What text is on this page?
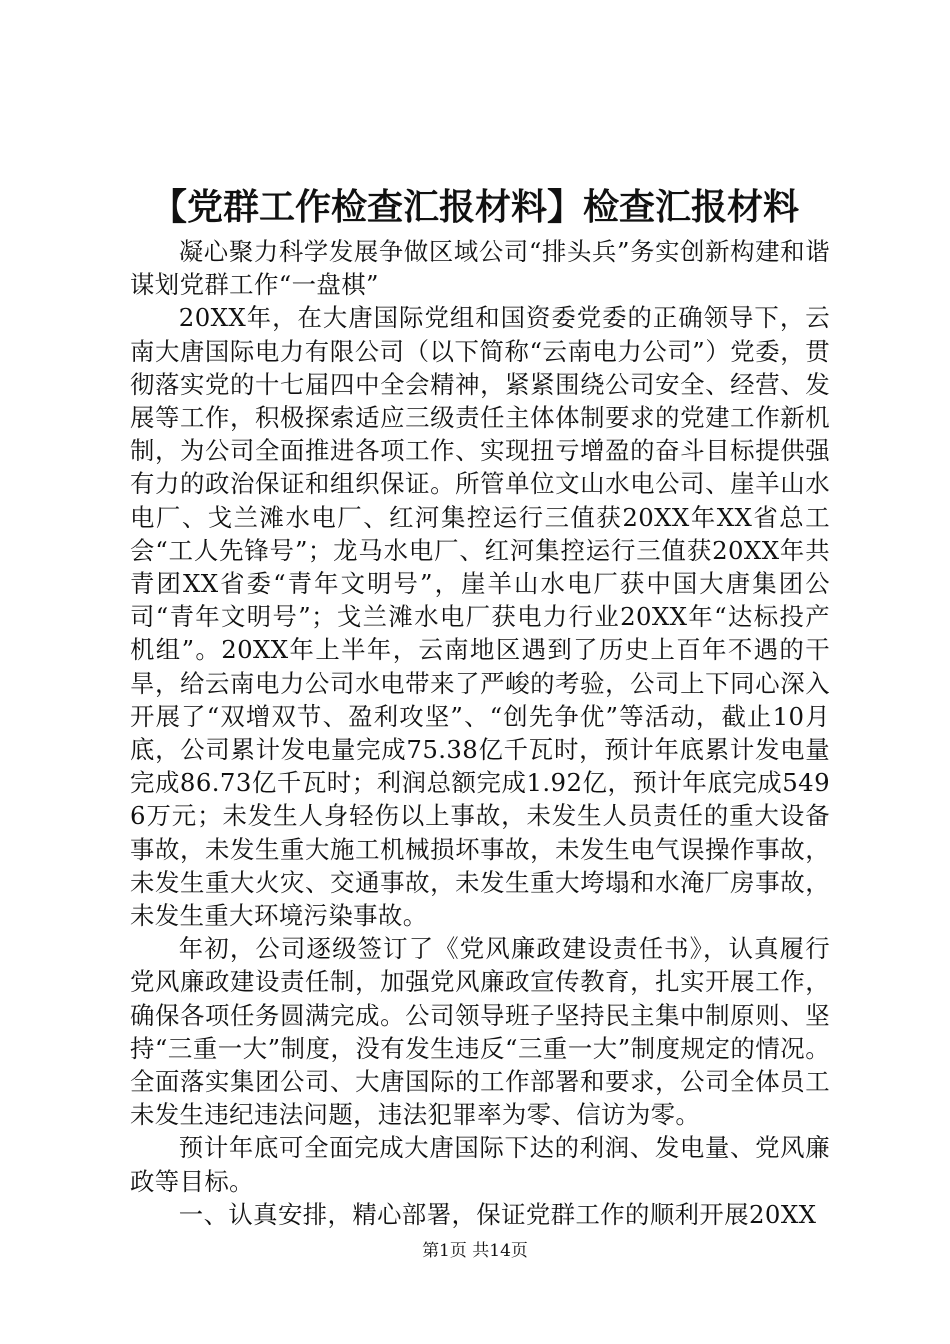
【党群工作检查汇报材料】检查汇报材料

凝心聚力科学发展争做区域公司“排头兵”务实创新构建和谐谋划党群工作“一盘棋”

20XX年，在大唐国际党组和国资委党委的正确领导下，云南大唐国际电力有限公司（以下简称“云南电力公司”）党委，贯彻落实党的十七届四中全会精神，紧紧围绕公司安全、经营、发展等工作，积极探索适应三级责任主体体制要求的党建工作新机制，为公司全面推进各项工作、实现扭亏增盈的奋斗目标提供强有力的政治保证和组织保证。所管单位文山水电公司、崖羊山水电厂、戈兰滩水电厂、红河集控运行三值获20XX年XX省总工会“工人先锋号”；龙马水电厂、红河集控运行三值获20XX年共青团XX省委“青年文明号”，崖羊山水电厂获中国大唐集团公司“青年文明号”；戈兰滩水电厂获电力行业20XX年“达标投产机组”。20XX年上半年，云南地区遇到了历史上百年不遇的干旱，给云南电力公司水电带来了严峻的考验，公司上下同心深入开展了“双增双节、盈利攻坚”、“创先争优”等活动，截止10月底，公司累计发电量完成75.38亿千瓦时，预计年底累计发电量完成86.73亿千瓦时；利润总额完成1.92亿，预计年底完成5496万元；未发生人身轻伤以上事故，未发生人员责任的重大设备事故，未发生重大施工机械损坏事故，未发生电气误操作事故，未发生重大火灾、交通事故，未发生重大垮塌和水淹厂房事故，未发生重大环境污染事故。

年初，公司逐级签订了《党风廉政建设责任书》，认真履行党风廉政建设责任制，加强党风廉政宣传教育，扎实开展工作，确保各项任务圆满完成。公司领导班子坚持民主集中制原则、坚持“三重一大”制度，没有发生违反“三重一大”制度规定的情况。全面落实集团公司、大唐国际的工作部署和要求，公司全体员工未发生违纪违法问题，违法犯罪率为零、信访为零。

预计年底可全面完成大唐国际下达的利润、发电量、党风廉政等目标。

一、认真安排，精心部署，保证党群工作的顺利开展20XX

第1页 共14页
